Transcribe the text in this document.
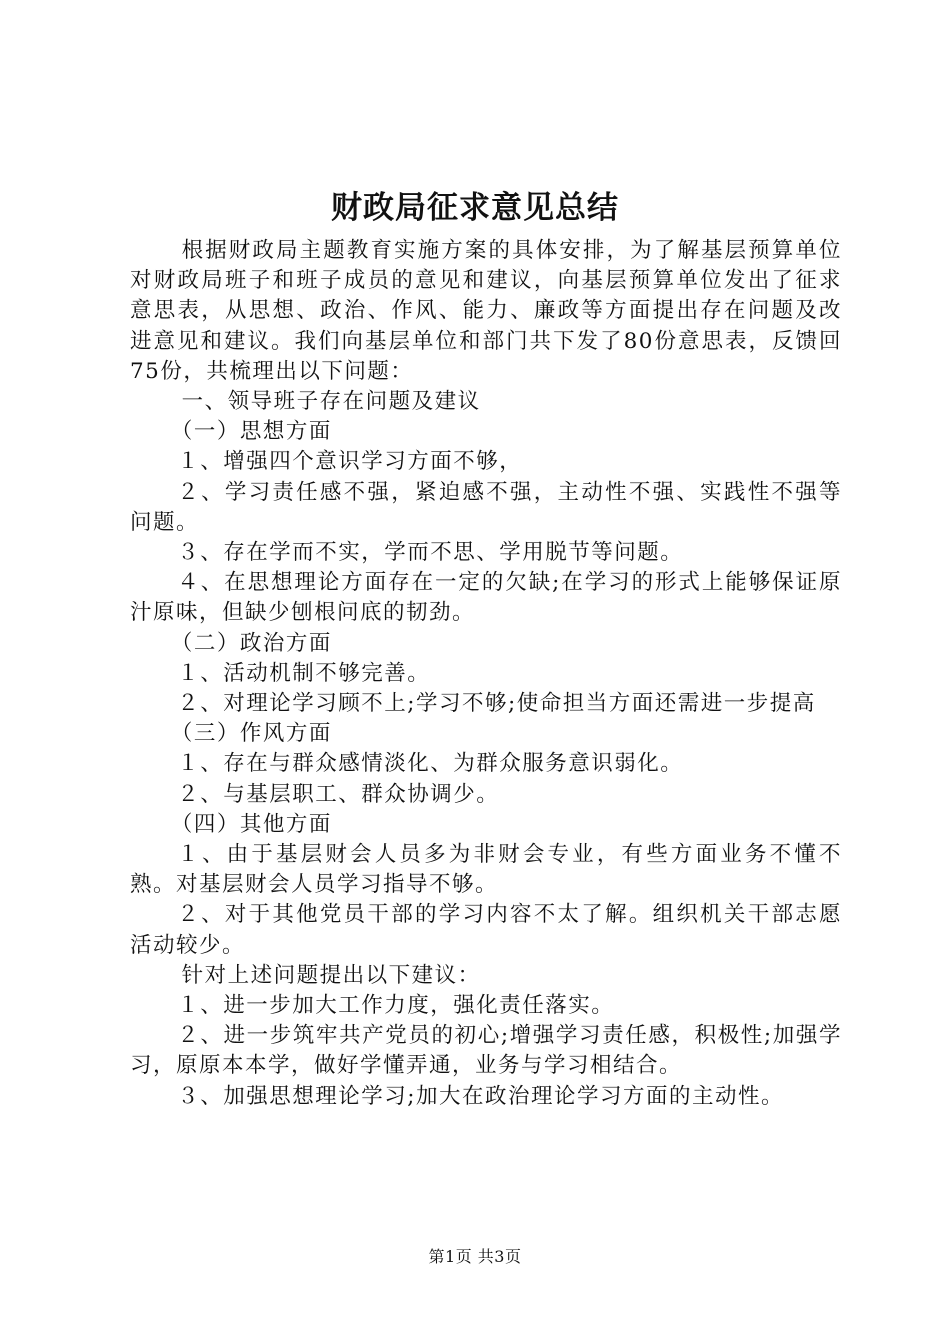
财政局征求意见总结

根据财政局主题教育实施方案的具体安排，为了解基层预算单位对财政局班子和班子成员的意见和建议，向基层预算单位发出了征求意思表，从思想、政治、作风、能力、廉政等方面提出存在问题及改进意见和建议。我们向基层单位和部门共下发了80份意思表，反馈回75份，共梳理出以下问题：

一、领导班子存在问题及建议

（一）思想方面

１、增强四个意识学习方面不够，

２、学习责任感不强，紧迫感不强，主动性不强、实践性不强等问题。

３、存在学而不实，学而不思、学用脱节等问题。

４、在思想理论方面存在一定的欠缺;在学习的形式上能够保证原汁原味，但缺少刨根问底的韧劲。

（二）政治方面

１、活动机制不够完善。

２、对理论学习顾不上;学习不够;使命担当方面还需进一步提高

（三）作风方面

１、存在与群众感情淡化、为群众服务意识弱化。

２、与基层职工、群众协调少。

（四）其他方面

１、由于基层财会人员多为非财会专业，有些方面业务不懂不熟。对基层财会人员学习指导不够。

２、对于其他党员干部的学习内容不太了解。组织机关干部志愿活动较少。

针对上述问题提出以下建议：

１、进一步加大工作力度，强化责任落实。

２、进一步筑牢共产党员的初心;增强学习责任感，积极性;加强学习，原原本本学，做好学懂弄通，业务与学习相结合。

３、加强思想理论学习;加大在政治理论学习方面的主动性。

第1页 共3页
